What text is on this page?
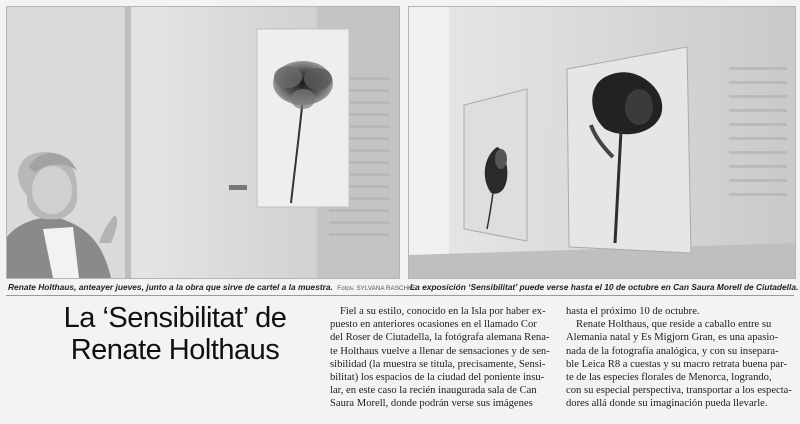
Renate Holthaus, anteayer jueves, junto a la obra que sirve de cartel a la muestra. Fotos: SYLVANA RASCHKE
La exposición ‘Sensibilitat’ puede verse hasta el 10 de octubre en Can Saura Morell de Ciutadella.
La ‘Sensibilitat’ de
Renate Holthaus
Fiel a su estilo, conocido en la Isla por haber ex-
puesto en anteriores ocasiones en el llamado Cor
del Roser de Ciutadella, la fotógrafa alemana Rena-
te Holthaus vuelve a llenar de sensaciones y de sen-
sibilidad (la muestra se titula, precisamente, Sensi-
bilitat) los espacios de la ciudad del poniente insu-
lar, en este caso la recién inaugurada sala de Can
Saura Morell, donde podrán verse sus imágenes
hasta el próximo 10 de octubre.
Renate Holthaus, que reside a caballo entre su
Alemania natal y Es Migjorn Gran, es una apasio-
nada de la fotografía analógica, y con su insepara-
ble Leica R8 a cuestas y su macro retrata buena par-
te de las especies florales de Menorca, logrando,
con su especial perspectiva, transportar a los especta-
dores allá donde su imaginación pueda llevarle.
